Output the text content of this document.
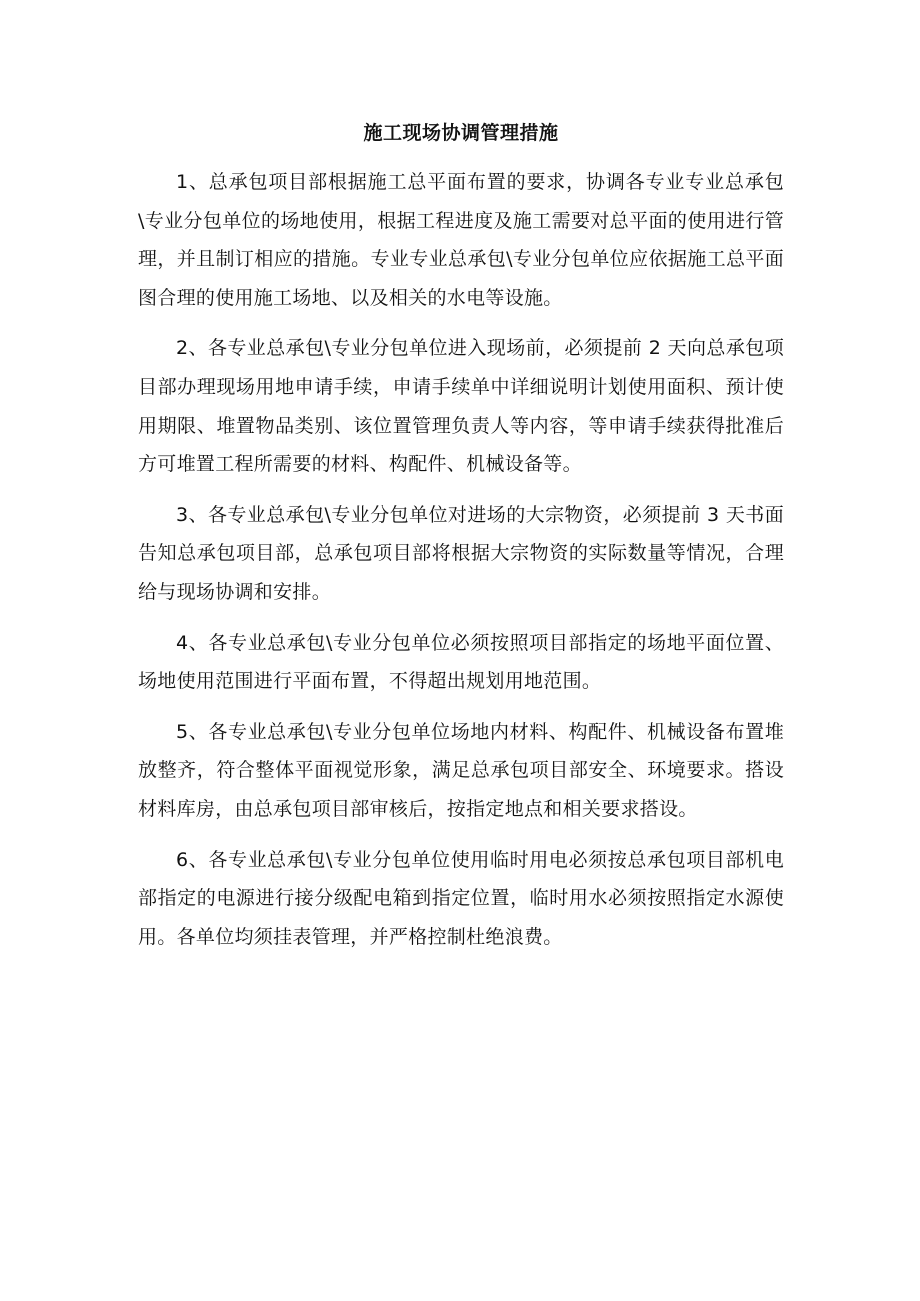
施工现场协调管理措施

1、总承包项目部根据施工总平面布置的要求，协调各专业专业总承包\专业分包单位的场地使用，根据工程进度及施工需要对总平面的使用进行管理，并且制订相应的措施。专业专业总承包\专业分包单位应依据施工总平面图合理的使用施工场地、以及相关的水电等设施。

2、各专业总承包\专业分包单位进入现场前，必须提前 2 天向总承包项目部办理现场用地申请手续，申请手续单中详细说明计划使用面积、预计使用期限、堆置物品类别、该位置管理负责人等内容，等申请手续获得批准后方可堆置工程所需要的材料、构配件、机械设备等。

3、各专业总承包\专业分包单位对进场的大宗物资，必须提前 3 天书面告知总承包项目部，总承包项目部将根据大宗物资的实际数量等情况，合理给与现场协调和安排。

4、各专业总承包\专业分包单位必须按照项目部指定的场地平面位置、场地使用范围进行平面布置，不得超出规划用地范围。

5、各专业总承包\专业分包单位场地内材料、构配件、机械设备布置堆放整齐，符合整体平面视觉形象，满足总承包项目部安全、环境要求。搭设材料库房，由总承包项目部审核后，按指定地点和相关要求搭设。

6、各专业总承包\专业分包单位使用临时用电必须按总承包项目部机电部指定的电源进行接分级配电箱到指定位置，临时用水必须按照指定水源使用。各单位均须挂表管理，并严格控制杜绝浪费。
